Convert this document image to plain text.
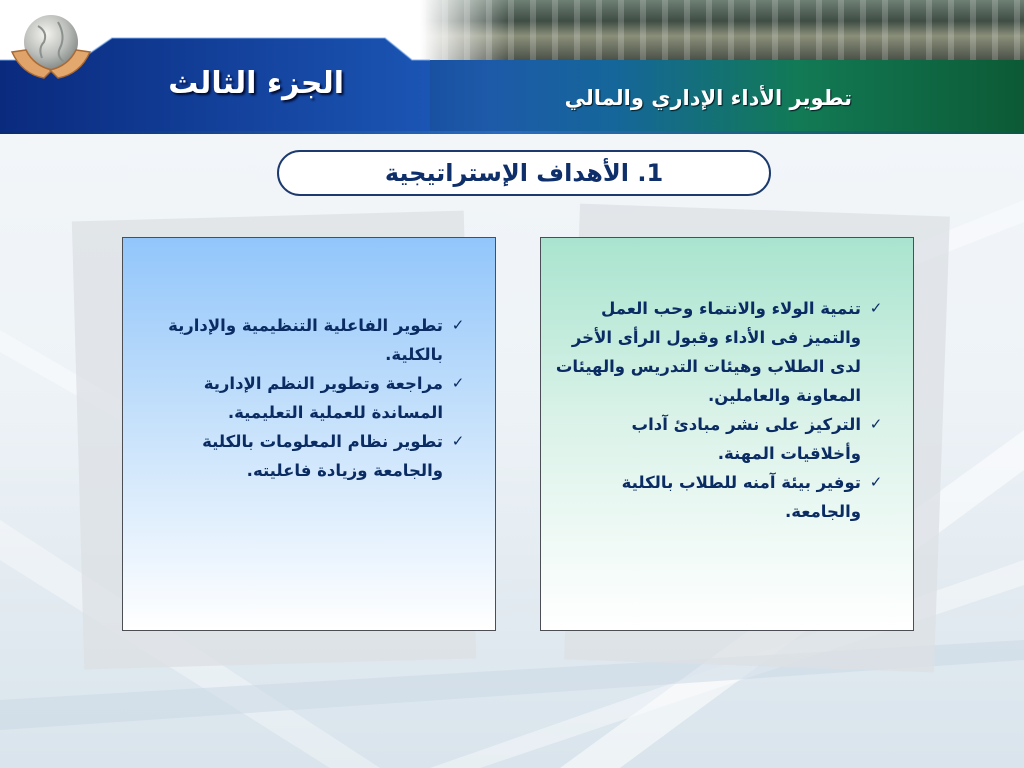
الجزء الثالث	تطوير الأداء الإداري والمالي
1. الأهداف الإستراتيجية
✓
تطوير الفاعلية التنظيمية والإدارية بالكلية.
✓
مراجعة وتطوير النظم الإدارية المساندة للعملية التعليمية.
✓
تطوير نظام المعلومات بالكلية والجامعة وزيادة فاعليته.
✓
تنمية الولاء والانتماء وحب العمل والتميز فى الأداء وقبول الرأى الأخر لدى الطلاب وهيئات التدريس والهيئات المعاونة والعاملين.
✓
التركيز على نشر مبادئ آداب وأخلاقيات المهنة.
✓
توفير بيئة آمنه للطلاب بالكلية والجامعة.
